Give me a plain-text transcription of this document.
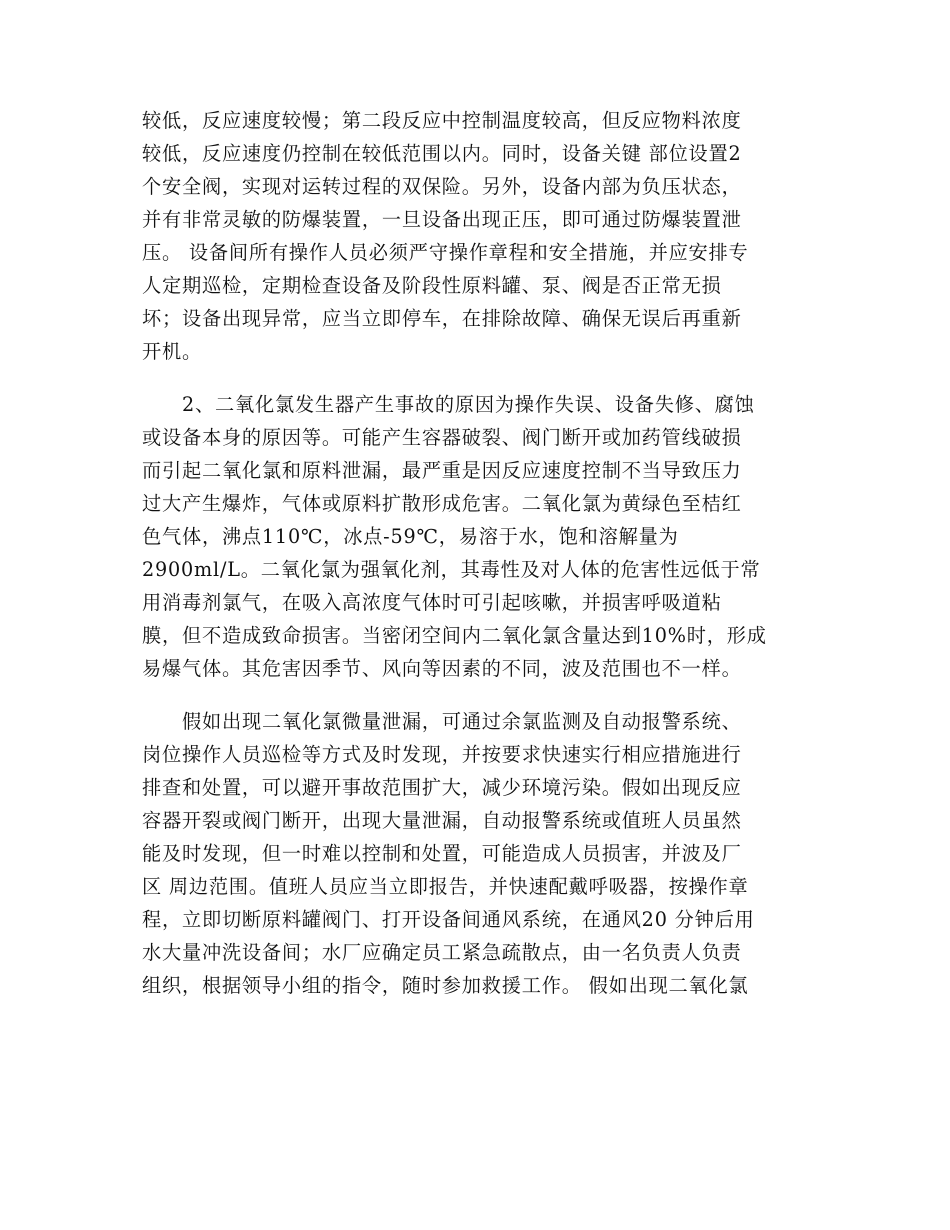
较低，反应速度较慢；第二段反应中控制温度较高，但反应物料浓度
较低，反应速度仍控制在较低范围以内。同时，设备关键 部位设置2
个安全阀，实现对运转过程的双保险。另外，设备内部为负压状态，
并有非常灵敏的防爆装置，一旦设备出现正压，即可通过防爆装置泄
压。 设备间所有操作人员必须严守操作章程和安全措施，并应安排专
人定期巡检，定期检查设备及阶段性原料罐、泵、阀是否正常无损
坏；设备出现异常，应当立即停车，在排除故障、确保无误后再重新
开机。
2、二氧化氯发生器产生事故的原因为操作失误、设备失修、腐蚀
或设备本身的原因等。可能产生容器破裂、阀门断开或加药管线破损
而引起二氧化氯和原料泄漏，最严重是因反应速度控制不当导致压力
过大产生爆炸，气体或原料扩散形成危害。二氧化氯为黄绿色至桔红
色气体，沸点110℃，冰点-59℃，易溶于水，饱和溶解量为
2900ml/L。二氧化氯为强氧化剂，其毒性及对人体的危害性远低于常
用消毒剂氯气，在吸入高浓度气体时可引起咳嗽，并损害呼吸道粘
膜，但不造成致命损害。当密闭空间内二氧化氯含量达到10%时，形成
易爆气体。其危害因季节、风向等因素的不同，波及范围也不一样。
假如出现二氧化氯微量泄漏，可通过余氯监测及自动报警系统、
岗位操作人员巡检等方式及时发现，并按要求快速实行相应措施进行
排查和处置，可以避开事故范围扩大，减少环境污染。假如出现反应
容器开裂或阀门断开，出现大量泄漏，自动报警系统或值班人员虽然
能及时发现，但一时难以控制和处置，可能造成人员损害，并波及厂
区 周边范围。值班人员应当立即报告，并快速配戴呼吸器，按操作章
程，立即切断原料罐阀门、打开设备间通风系统，在通风20 分钟后用
水大量冲洗设备间；水厂应确定员工紧急疏散点，由一名负责人负责
组织，根据领导小组的指令，随时参加救援工作。 假如出现二氧化氯
